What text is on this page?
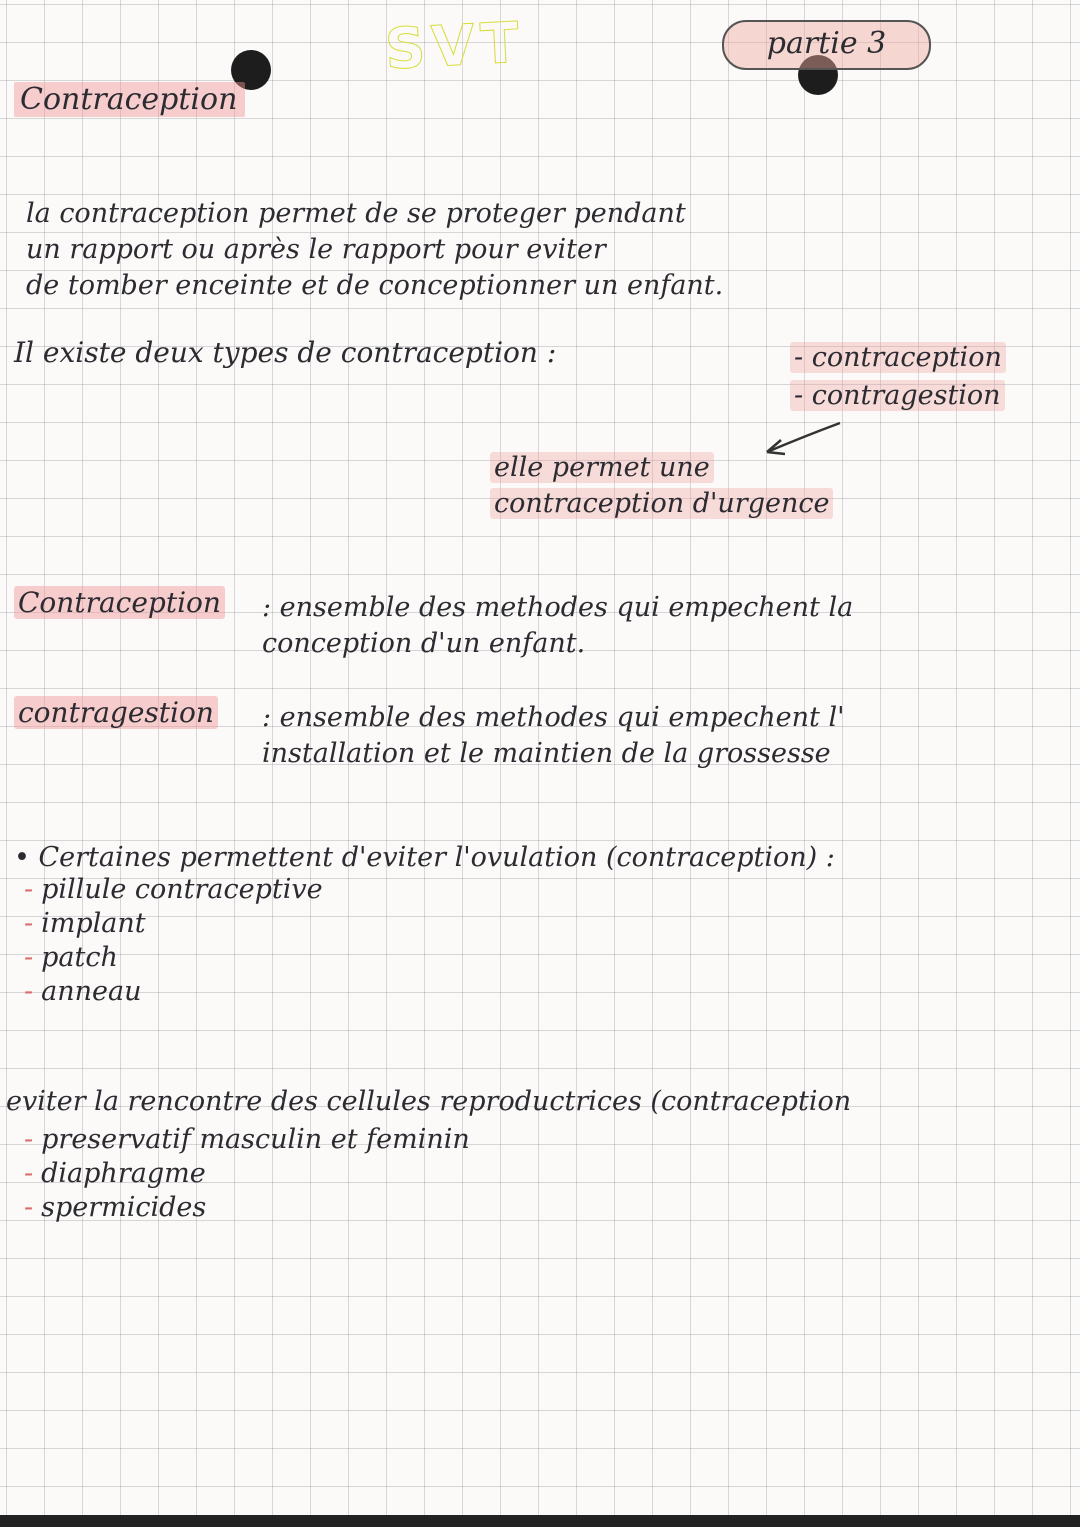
SVT	partie 3
Contraception
la contraception permet de se proteger pendant
un rapport ou après le rapport pour eviter
de tomber enceinte et de conceptionner un enfant.
Il existe deux types de contraception :	- contraception
- contragestion
elle permet une
contraception d'urgence
Contraception : ensemble des methodes qui empechent la
conception d'un enfant.
contragestion : ensemble des methodes qui empechent l'
installation et le maintien de la grossesse
• Certaines permettent d'eviter l'ovulation (contraception) :
- pillule contraceptive
- implant
- patch
- anneau
eviter la rencontre des cellules reproductrices (contraception
- preservatif masculin et feminin
- diaphragme
- spermicides
